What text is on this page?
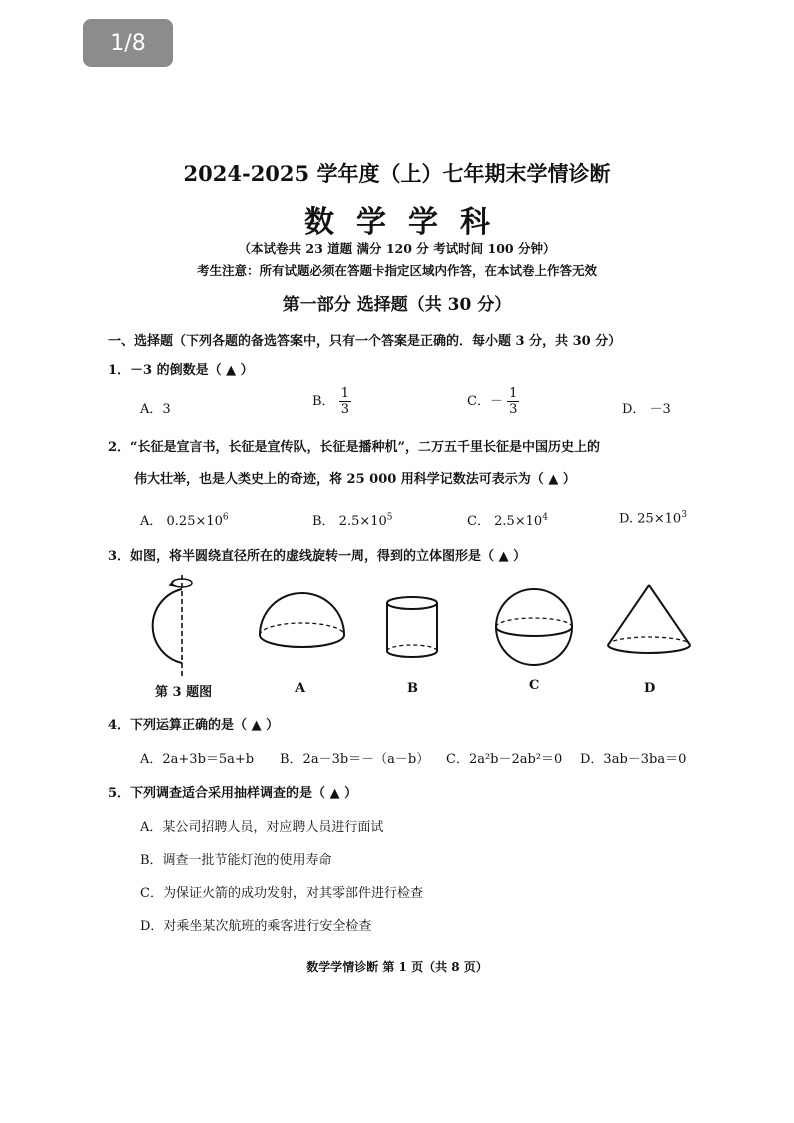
1/8
2024-2025 学年度（上）七年期末学情诊断
数学学科
（本试卷共 23 道题 满分 120 分 考试时间 100 分钟）
考生注意：所有试题必须在答题卡指定区域内作答，在本试卷上作答无效
第一部分 选择题（共 30 分）
一、选择题（下列各题的备选答案中，只有一个答案是正确的．每小题 3 分，共 30 分）
1．－3 的倒数是（ ▲ ）
A．3
B． $\frac{1}{3}$	C．－ $\frac{1}{3}$	D． －3
2．“长征是宣言书，长征是宣传队，长征是播种机”，二万五千里长征是中国历史上的
伟大壮举，也是人类史上的奇迹，将 25 000 用科学记数法可表示为（ ▲ ）
A． $0.25\times 10^6$	B． $2.5\times 10^5$	C． $2.5\times 10^4$	D. $25\times 10^3$
3．如图，将半圆绕直径所在的虚线旋转一周，得到的立体图形是（ ▲ ）
第 3 题图	A	B	C	D
4．下列运算正确的是（ ▲ ）
A．2a+3b＝5a+b B．2a－3b＝－（a－b） C．2a²b－2ab²＝0 D．3ab－3ba＝0
5．下列调查适合采用抽样调查的是（ ▲ ）
A．某公司招聘人员，对应聘人员进行面试
B．调查一批节能灯泡的使用寿命
C．为保证火箭的成功发射，对其零部件进行检查
D．对乘坐某次航班的乘客进行安全检查
数学学情诊断 第 1 页（共 8 页）
